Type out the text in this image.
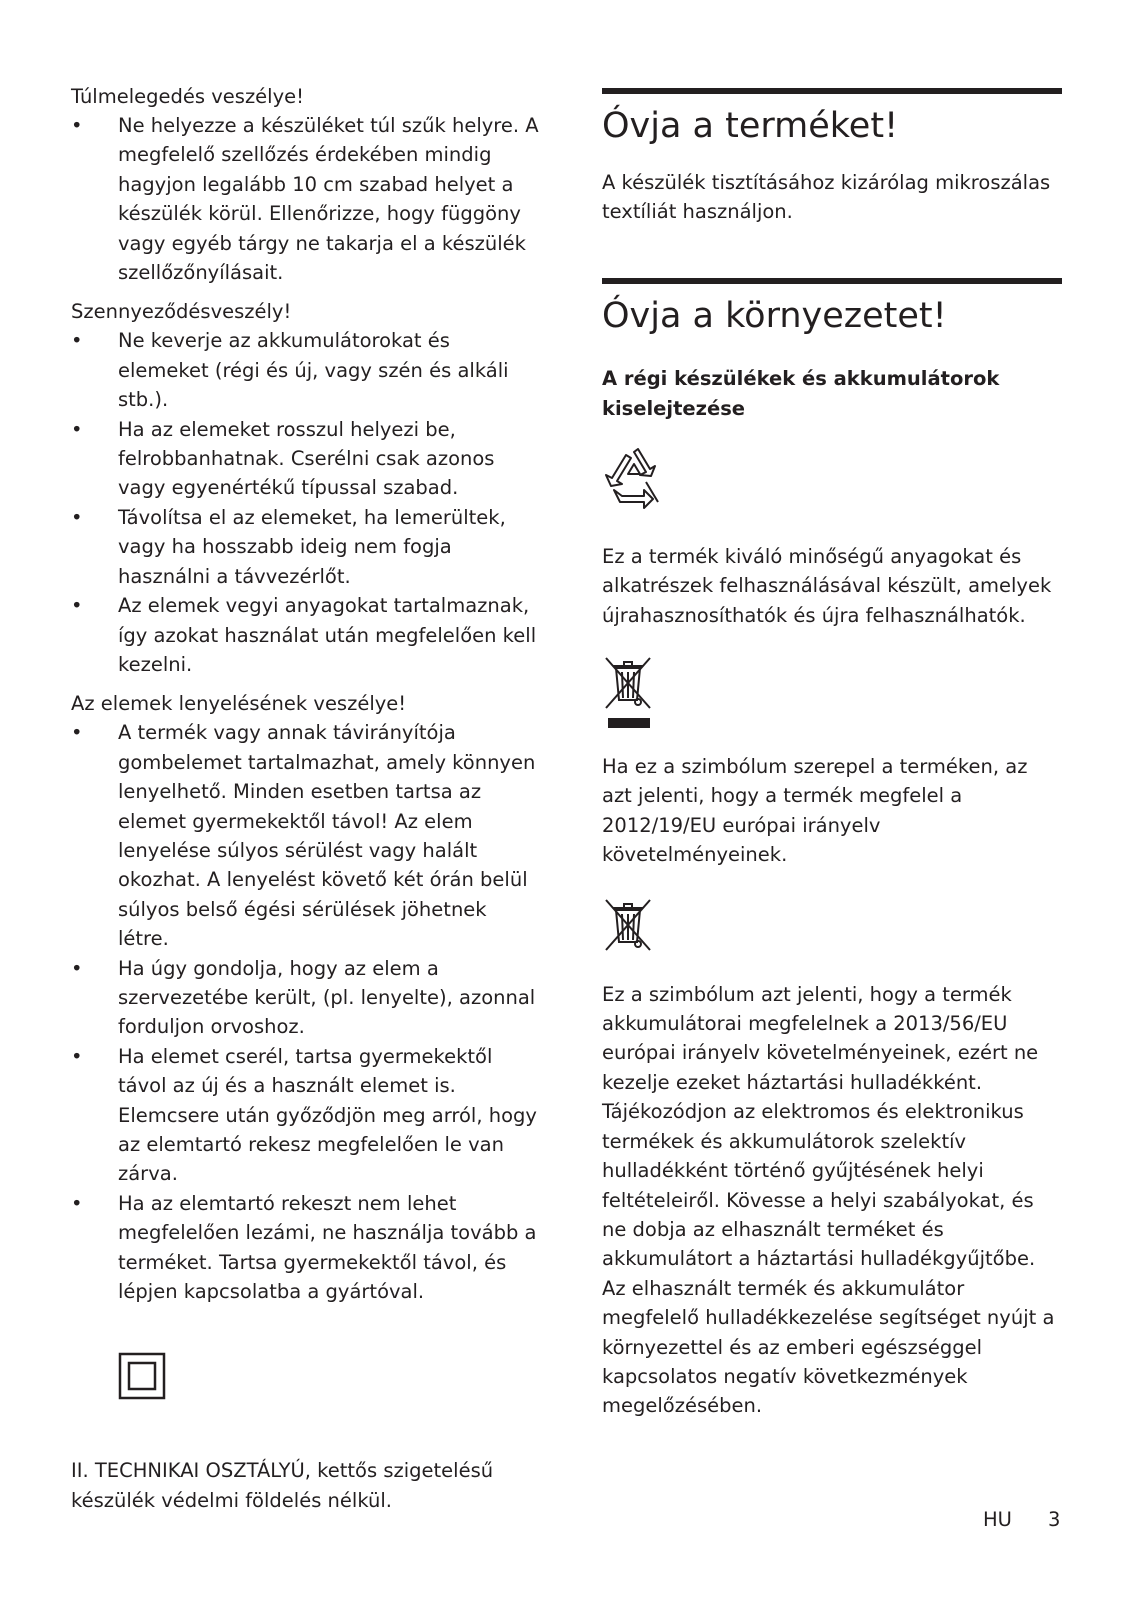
Túlmelegedés veszélye!

• Ne helyezze a készüléket túl szűk helyre. A megfelelő szellőzés érdekében mindig hagyjon legalább 10 cm szabad helyet a készülék körül. Ellenőrizze, hogy függöny vagy egyéb tárgy ne takarja el a készülék szellőzőnyílásait.

Szennyeződésveszély!

• Ne keverje az akkumulátorokat és elemeket (régi és új, vagy szén és alkáli stb.).
• Ha az elemeket rosszul helyezi be, felrobbanhatnak. Cserélni csak azonos vagy egyenértékű típussal szabad.
• Távolítsa el az elemeket, ha lemerültek, vagy ha hosszabb ideig nem fogja használni a távvezérlőt.
• Az elemek vegyi anyagokat tartalmaznak, így azokat használat után megfelelően kell kezelni.

Az elemek lenyelésének veszélye!

• A termék vagy annak távirányítója gombelemet tartalmazhat, amely könnyen lenyelhető. Minden esetben tartsa az elemet gyermekektől távol! Az elem lenyelése súlyos sérülést vagy halált okozhat. A lenyelést követő két órán belül súlyos belső égési sérülések jöhetnek létre.
• Ha úgy gondolja, hogy az elem a szervezetébe került, (pl. lenyelte), azonnal forduljon orvoshoz.
• Ha elemet cserél, tartsa gyermekektől távol az új és a használt elemet is. Elemcsere után győződjön meg arról, hogy az elemtartó rekesz megfelelően le van zárva.
• Ha az elemtartó rekeszt nem lehet megfelelően lezámi, ne használja tovább a terméket. Tartsa gyermekektől távol, és lépjen kapcsolatba a gyártóval.

II. TECHNIKAI OSZTÁLYÚ, kettős szigetelésű készülék védelmi földelés nélkül.

Óvja a terméket!

A készülék tisztításához kizárólag mikroszálas textíliát használjon.

Óvja a környezetet!

A régi készülékek és akkumulátorok kiselejtezése

Ez a termék kiváló minőségű anyagokat és alkatrészek felhasználásával készült, amelyek újrahasznosíthatók és újra felhasználhatók.

Ha ez a szimbólum szerepel a terméken, az azt jelenti, hogy a termék megfelel a 2012/19/EU európai irányelv követelményeinek.

Ez a szimbólum azt jelenti, hogy a termék akkumulátorai megfelelnek a 2013/56/EU európai irányelv követelményeinek, ezért ne kezelje ezeket háztartási hulladékként. Tájékozódjon az elektromos és elektronikus termékek és akkumulátorok szelektív hulladékként történő gyűjtésének helyi feltételeiről. Kövesse a helyi szabályokat, és ne dobja az elhasznált terméket és akkumulátort a háztartási hulladékgyűjtőbe. Az elhasznált termék és akkumulátor megfelelő hulladékkezelése segítséget nyújt a környezettel és az emberi egészséggel kapcsolatos negatív következmények megelőzésében.

HU 3
